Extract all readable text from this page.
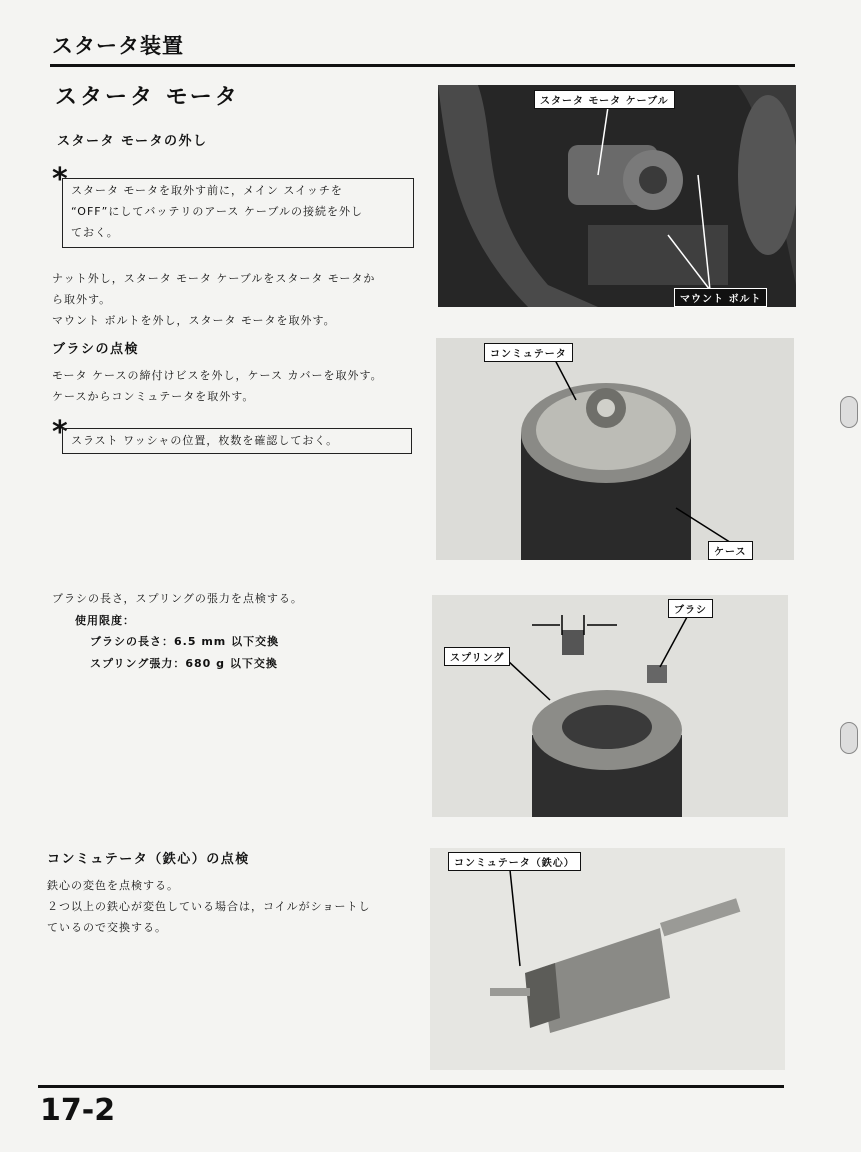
スタータ装置
スタータ モータ
スタータ モータの外し
* スタータ モータを取外す前に，メイン スイッチを
“OFF”にしてバッテリのアース ケーブルの接続を外し
ておく。
ナット外し，スタータ モータ ケーブルをスタータ モータか
ら取外す。
マウント ボルトを外し，スタータ モータを取外す。
ブラシの点検
モータ ケースの締付けビスを外し，ケース カバーを取外す。
ケースからコンミュテータを取外す。
* スラスト ワッシャの位置，枚数を確認しておく。
ブラシの長さ，スプリングの張力を点検する。
使用限度：
ブラシの長さ：6.5 mm 以下交換
スプリング張力：680 g 以下交換
コンミュテータ（鉄心）の点検
鉄心の変色を点検する。
２つ以上の鉄心が変色している場合は，コイルがショートし
ているので交換する。
スタータ モータ ケーブル
マウント ボルト
コンミュテータ
ケース
ブラシ
スプリング
コンミュテータ（鉄心）
17-2
